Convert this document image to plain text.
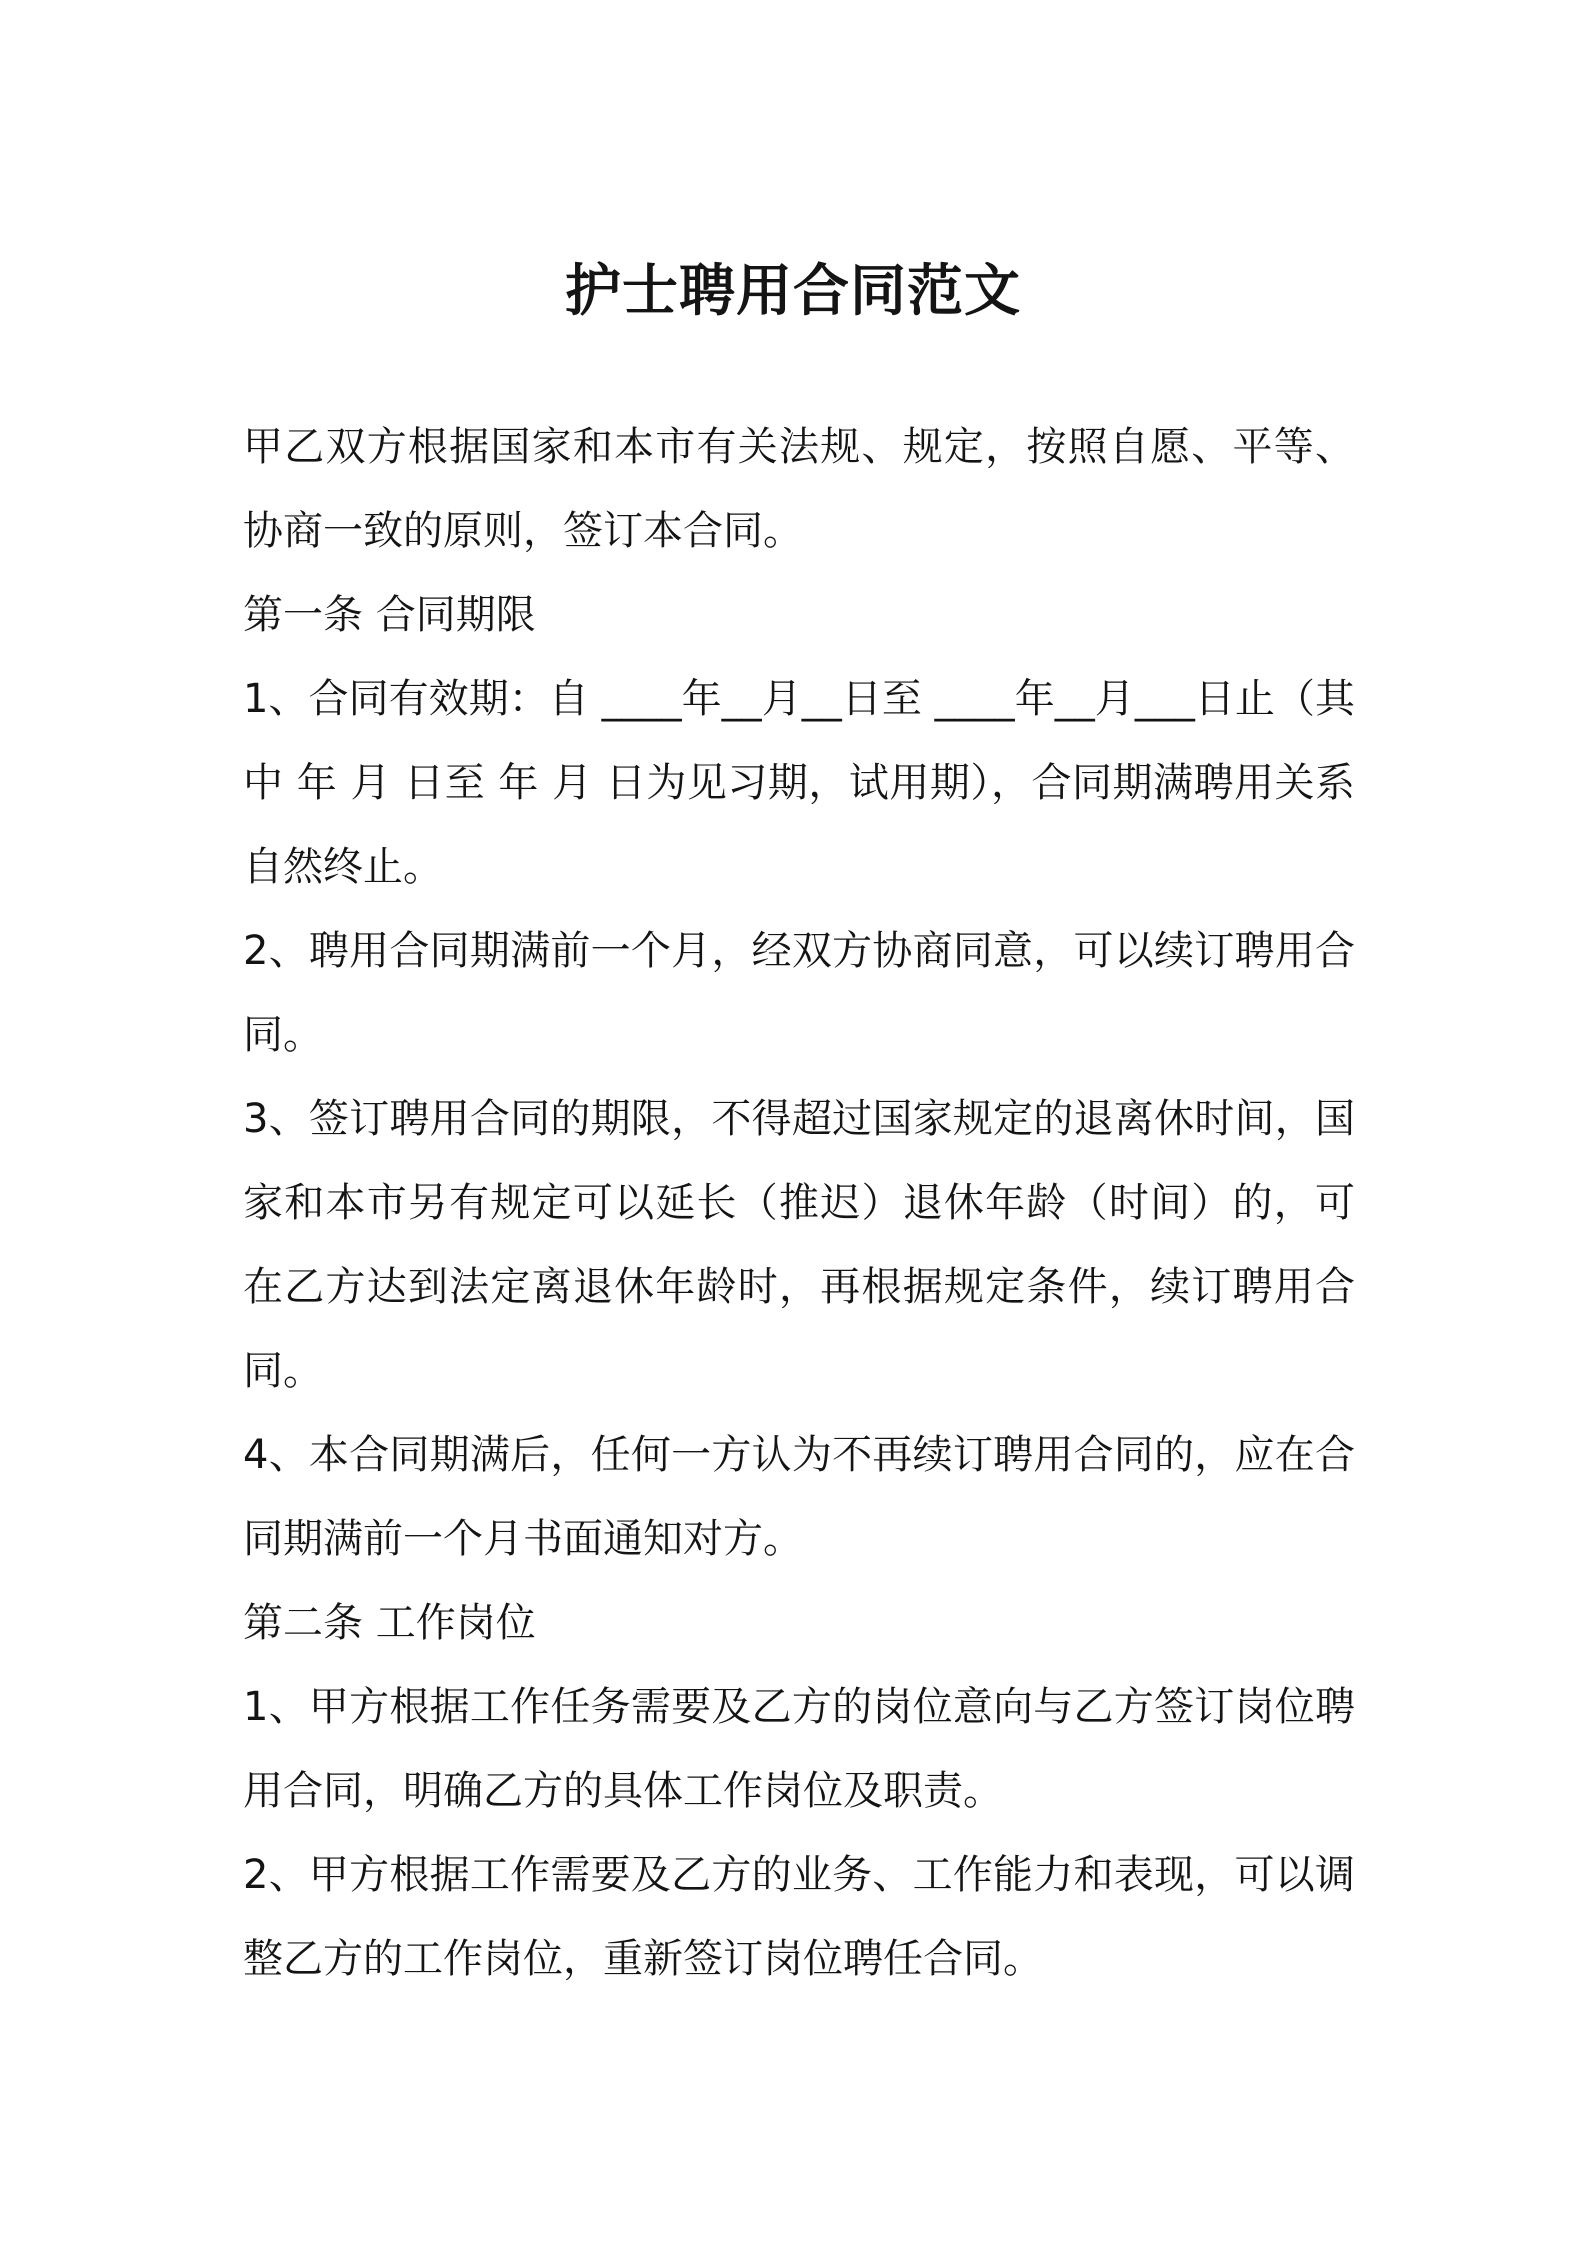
护士聘用合同范文

甲乙双方根据国家和本市有关法规、规定，按照自愿、平等、协商一致的原则，签订本合同。

第一条 合同期限

1、合同有效期：自 ____年__月__日至 ____年__月___日止（其中 年 月 日至 年 月 日为见习期，试用期），合同期满聘用关系自然终止。

2、聘用合同期满前一个月，经双方协商同意，可以续订聘用合同。

3、签订聘用合同的期限，不得超过国家规定的退离休时间，国家和本市另有规定可以延长（推迟）退休年龄（时间）的，可在乙方达到法定离退休年龄时，再根据规定条件，续订聘用合同。

4、本合同期满后，任何一方认为不再续订聘用合同的，应在合同期满前一个月书面通知对方。

第二条 工作岗位

1、甲方根据工作任务需要及乙方的岗位意向与乙方签订岗位聘用合同，明确乙方的具体工作岗位及职责。

2、甲方根据工作需要及乙方的业务、工作能力和表现，可以调整乙方的工作岗位，重新签订岗位聘任合同。
